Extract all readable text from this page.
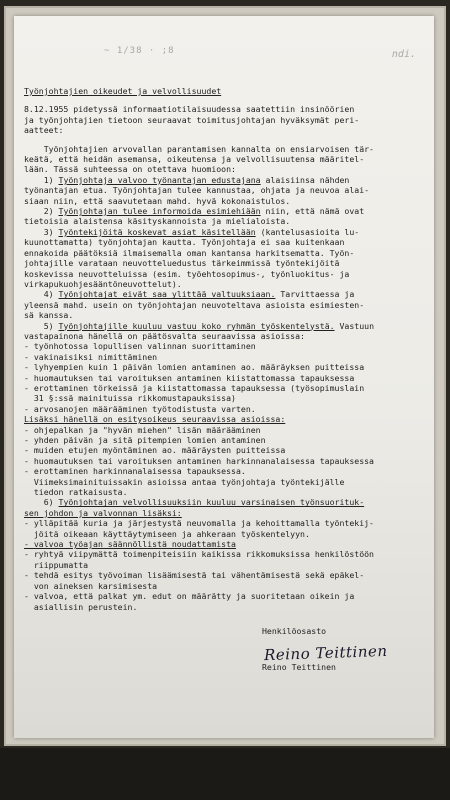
~ 1/38 · ;8	ndi.
Työnjohtajien oikeudet ja velvollisuudet

8.12.1955 pidetyssä informaatiotilaisuudessa saatettiin insinöörien

ja työnjohtajien tietoon seuraavat toimitusjohtajan hyväksymät peri-

aatteet:

Työnjohtajien arvovallan parantamisen kannalta on ensiarvoisen tär-

keätä, että heidän asemansa, oikeutensa ja velvollisuutensa määritel-

lään. Tässä suhteessa on otettava huomioon:

1) Työnjohtaja valvoo työnantajan edustajana alaisiinsa nähden

työnantajan etua. Työnjohtajan tulee kannustaa, ohjata ja neuvoa alai-

siaan niin, että saavutetaan mahd. hyvä kokonaistulos.

2) Työnjohtajan tulee informoida esimiehiään niin, että nämä ovat

tietoisia alaistensa käsityskannoista ja mielialoista.

3) Työntekijöitä koskevat asiat käsitellään (kantelusasioita lu-

kuunottamatta) työnjohtajan kautta. Työnjohtaja ei saa kuitenkaan

ennakoida päätöksiä ilmaisemalla oman kantansa harkitsematta. Työn-

johtajille varataan neuvotteluedustus tärkeimmissä työntekijöitä

koskevissa neuvotteluissa (esim. työehtosopimus-, työnluokitus- ja

virkapukuohjesääntöneuvottelut).

4) Työnjohtajat eivät saa ylittää valtuuksiaan. Tarvittaessa ja

yleensä mahd. usein on työnjohtajan neuvoteltava asioista esimiesten-

sä kanssa.

5) Työnjohtajille kuuluu vastuu koko ryhmän työskentelystä. Vastuun

vastapainona hänellä on päätösvalta seuraavissa asioissa:

- työnhotossa lopullisen valinnan suorittaminen

- vakinaisiksi nimittäminen

- lyhyempien kuin 1 päivän lomien antaminen ao. määräyksen puitteissa

- huomautuksen tai varoituksen antaminen kiistattomassa tapauksessa

- erottaminen törkeissä ja kiistattomassa tapauksessa (työsopimuslain

31 §:ssä mainituissa rikkomustapauksissa)

- arvosanojen määrääminen työtodistusta varten.

Lisäksi hänellä on esitysoikeus seuraavissa asioissa:

- ohjepalkan ja "hyvän miehen" lisän määrääminen

- yhden päivän ja sitä pitempien lomien antaminen

- muiden etujen myöntäminen ao. määräysten puitteissa

- huomautuksen tai varoituksen antaminen harkinnanalaisessa tapauksessa

- erottaminen harkinnanalaisessa tapauksessa.

Viimeksimainituissakin asioissa antaa työnjohtaja työntekijälle

tiedon ratkaisusta.

6) Työnjohtajan velvollisuuksiin kuuluu varsinaisen työnsuorituk-

sen johdon ja valvonnan lisäksi:

- ylläpitää kuria ja järjestystä neuvomalla ja kehoittamalla työntekij-

jöitä oikeaan käyttäytymiseen ja ahkeraan työskentelyyn.

- valvoa työajan säännöllistä noudattamista

- ryhtyä viipymättä toimenpiteisiin kaikissa rikkomuksissa henkilöstöön

riippumatta

- tehdä esitys työvoiman lisäämisestä tai vähentämisestä sekä epäkel-

von aineksen karsimisesta

- valvoa, että palkat ym. edut on määrätty ja suoritetaan oikein ja

asiallisin perustein.

Henkilöosasto
Reino Teittinen
Reino Teittinen
